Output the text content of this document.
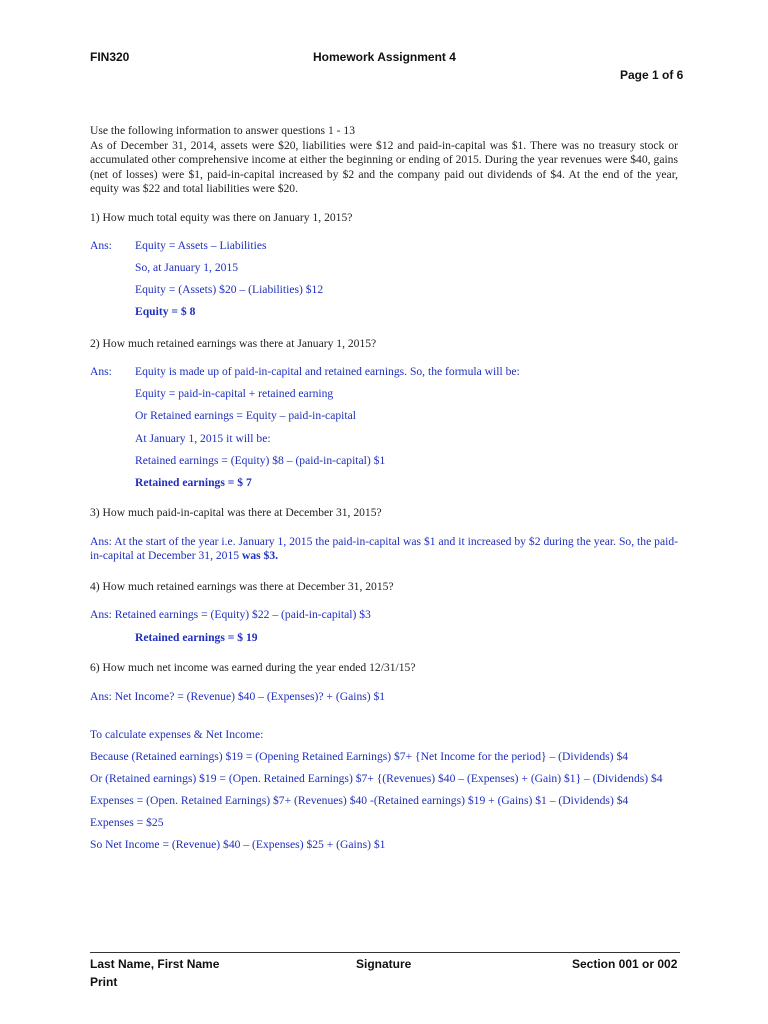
FIN320	Homework Assignment 4
Page 1 of 6

Use the following information to answer questions 1 - 13

As of December 31, 2014, assets were $20, liabilities were $12 and paid-in-capital was $1. There was no treasury stock or accumulated other comprehensive income at either the beginning or ending of 2015. During the year revenues were $40, gains (net of losses) were $1, paid-in-capital increased by $2 and the company paid out dividends of $4. At the end of the year, equity was $22 and total liabilities were $20.

1) How much total equity was there on January 1, 2015?

Ans:	Equity = Assets – Liabilities
So, at January 1, 2015
Equity = (Assets) $20 – (Liabilities) $12
Equity = $ 8

2) How much retained earnings was there at January 1, 2015?

Ans:	Equity is made up of paid-in-capital and retained earnings. So, the formula will be:
Equity = paid-in-capital + retained earning
Or Retained earnings = Equity – paid-in-capital
At January 1, 2015 it will be:
Retained earnings = (Equity) $8 – (paid-in-capital) $1
Retained earnings = $ 7

3) How much paid-in-capital was there at December 31, 2015?

Ans: At the start of the year i.e. January 1, 2015 the paid-in-capital was $1 and it increased by $2 during the year. So, the paid-in-capital at December 31, 2015 was $3.

4) How much retained earnings was there at December 31, 2015?

Ans: Retained earnings = (Equity) $22 – (paid-in-capital) $3
Retained earnings = $ 19

6) How much net income was earned during the year ended 12/31/15?

Ans: Net Income? = (Revenue) $40 – (Expenses)? + (Gains) $1
To calculate expenses & Net Income:
Because (Retained earnings) $19 = (Opening Retained Earnings) $7+ {Net Income for the period} – (Dividends) $4
Or (Retained earnings) $19 = (Open. Retained Earnings) $7+ {(Revenues) $40 – (Expenses) + (Gain) $1} – (Dividends) $4
Expenses = (Open. Retained Earnings) $7+ (Revenues) $40 -(Retained earnings) $19 + (Gains) $1 – (Dividends) $4
Expenses = $25
So Net Income = (Revenue) $40 – (Expenses) $25 + (Gains) $1
Last Name, First Name
Print
Signature	Section 001 or 002
